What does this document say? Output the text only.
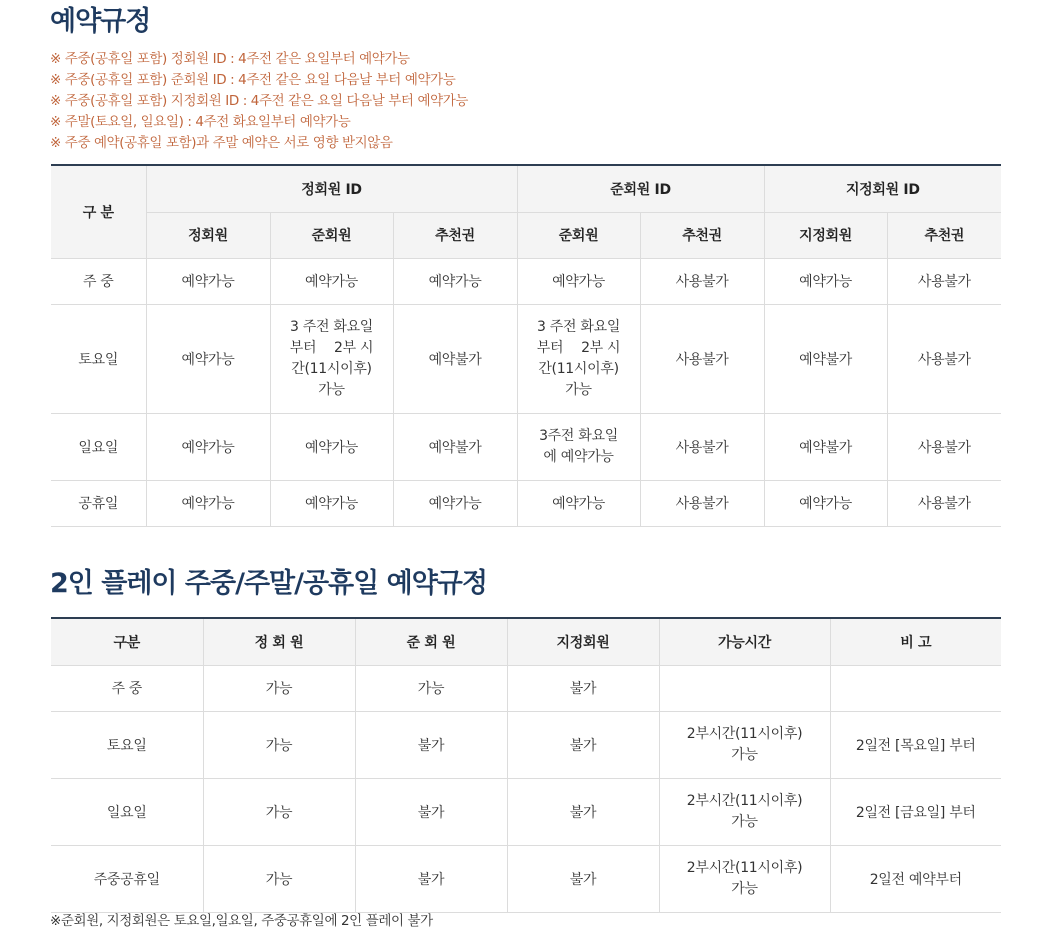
예약규정
※ 주중(공휴일 포함) 정회원 ID : 4주전 같은 요일부터 예약가능
※ 주중(공휴일 포함) 준회원 ID : 4주전 같은 요일 다음날 부터 예약가능
※ 주중(공휴일 포함) 지정회원 ID : 4주전 같은 요일 다음날 부터 예약가능
※ 주말(토요일, 일요일) : 4주전 화요일부터 예약가능
※ 주중 예약(공휴일 포함)과 주말 예약은 서로 영향 받지않음
구 분	정회원 ID			준회원 ID		지정회원 ID	
	정회원	준회원	추천권	준회원	추천권	지정회원	추천권
주 중	예약가능	예약가능	예약가능	예약가능	사용불가	예약가능	사용불가
토요일	예약가능	3 주전 화요일 부터 　2부 시간(11시이후)가능	예약불가	3 주전 화요일 부터 　2부 시간(11시이후)가능	사용불가	예약불가	사용불가
일요일	예약가능	예약가능	예약불가	3주전 화요일에 예약가능	사용불가	예약불가	사용불가
공휴일	예약가능	예약가능	예약가능	예약가능	사용불가	예약가능	사용불가
2인 플레이 주중/주말/공휴일 예약규정
구분	정 회 원	준 회 원	지정회원	가능시간	비 고
주 중	가능	가능	불가		
토요일	가능	불가	불가	2부시간(11시이후) 가능	2일전 [목요일] 부터
일요일	가능	불가	불가	2부시간(11시이후) 가능	2일전 [금요일] 부터
주중공휴일	가능	불가	불가	2부시간(11시이후) 가능	2일전 예약부터

※준회원, 지정회원은 토요일,일요일, 주중공휴일에 2인 플레이 불가
